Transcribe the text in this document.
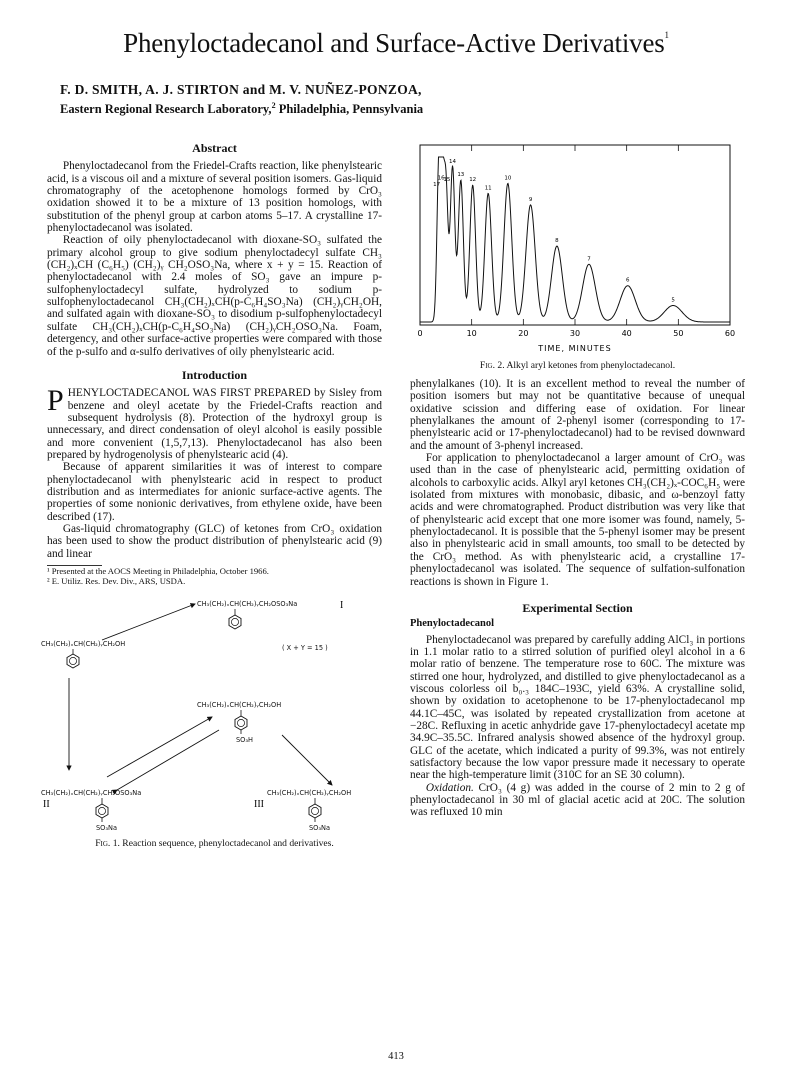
Phenyloctadecanol and Surface-Active Derivatives$^1$
F. D. SMITH, A. J. STIRTON and M. V. NUÑEZ-PONZOA,
Eastern Regional Research Laboratory,$^2$ Philadelphia, Pennsylvania
Abstract

Phenyloctadecanol from the Friedel-Crafts reaction, like phenylstearic acid, is a viscous oil and a mixture of several position isomers. Gas-liquid chromatography of the acetophenone homologs formed by CrO₃ oxidation showed it to be a mixture of 13 position homologs, with substitution of the phenyl group at carbon atoms 5–17. A crystalline 17-phenyloctadecanol was isolated.

Reaction of oily phenyloctadecanol with dioxane-SO₃ sulfated the primary alcohol group to give sodium phenyloctadecyl sulfate CH₃ (CH₂)ₓCH (C₆H₅) (CH₂)ᵧ CH₂OSO₃Na, where x + y = 15. Reaction of phenyloctadecanol with 2.4 moles of SO₃ gave an impure p-sulfophenyloctadecyl sulfate, hydrolyzed to sodium p-sulfophenyloctadecanol CH₃(CH₂)ₓCH(p-C₆H₄SO₃Na) (CH₂)ᵧCH₂OH, and sulfated again with dioxane-SO₃ to disodium p-sulfophenyloctadecyl sulfate CH₃(CH₂)ₓCH(p-C₆H₄SO₃Na) (CH₂)ᵧCH₂OSO₃Na. Foam, detergency, and other surface-active properties were compared with those of the p-sulfo and α-sulfo derivatives of oily phenylstearic acid.

Introduction

PHENYLOCTADECANOL WAS FIRST PREPARED by Sisley from benzene and oleyl acetate by the Friedel-Crafts reaction and subsequent hydrolysis (8). Protection of the hydroxyl group is unnecessary, and direct condensation of oleyl alcohol is easily possible and more convenient (1,5,7,13). Phenyloctadecanol has also been prepared by hydrogenolysis of phenylstearic acid (4).

Because of apparent similarities it was of interest to compare phenyloctadecanol with phenylstearic acid in respect to product distribution and as intermediates for anionic surface-active agents. The properties of some nonionic derivatives, from ethylene oxide, have been described (17).

Gas-liquid chromatography (GLC) of ketones from CrO₃ oxidation has been used to show the product distribution of phenylstearic acid (9) and linear

¹ Presented at the AOCS Meeting in Philadelphia, October 1966.
² E. Utiliz. Res. Dev. Div., ARS, USDA.
CH₃(CH₂)ₓCH(CH₂)ᵧCH₂OSO₃Na	I
CH₃(CH₂)ₓCH(CH₂)ᵧCH₂OH	( X + Y = 15 )
CH₃(CH₂)ₓCH(CH₂)ᵧCH₂OH
SO₃H
CH₃(CH₂)ₓCH(CH₂)ᵧCH₂OSO₃Na
II
SO₃Na
CH₃(CH₂)ₓCH(CH₂)ᵧCH₂OH
III
SO₃Na
Fig. 1. Reaction sequence, phenyloctadecanol and derivatives.
0	10	20	30	40	50	60
17
16
15
14
13
12
11
10
9
8
7
6
5
TIME, MINUTES
Fig. 2. Alkyl aryl ketones from phenyloctadecanol.

phenylalkanes (10). It is an excellent method to reveal the number of position isomers but may not be quantitative because of unequal oxidative scission and differing ease of oxidation. For linear phenylalkanes the amount of 2-phenyl isomer (corresponding to 17-phenylstearic acid or 17-phenyloctadecanol) had to be revised downward and the amount of 3-phenyl increased.

For application to phenyloctadecanol a larger amount of CrO₃ was used than in the case of phenylstearic acid, permitting oxidation of alcohols to carboxylic acids. Alkyl aryl ketones CH₃(CH₂)ₓ-COC₆H₅ were isolated from mixtures with monobasic, dibasic, and ω-benzoyl fatty acids and were chromatographed. Product distribution was very like that of phenylstearic acid except that one more isomer was found, namely, 5-phenyloctadecanol. It is possible that the 5-phenyl isomer may be present also in phenylstearic acid in small amounts, too small to be detected by the CrO₃ method. As with phenylstearic acid, a crystalline 17-phenyloctadecanol was isolated. The sequence of sulfation-sulfonation reactions is shown in Figure 1.

Experimental Section
Phenyloctadecanol

Phenyloctadecanol was prepared by carefully adding AlCl₃ in portions in 1.1 molar ratio to a stirred solution of purified oleyl alcohol in a 6 molar ratio of benzene. The temperature rose to 60C. The mixture was stirred one hour, hydrolyzed, and distilled to give phenyloctadecanol as a viscous colorless oil b₀.₃ 184C–193C, yield 63%. A crystalline solid, shown by oxidation to acetophenone to be 17-phenyloctadecanol mp 44.1C–45C, was isolated by repeated crystallization from acetone at −28C. Refluxing in acetic anhydride gave 17-phenyloctadecyl acetate mp 34.9C–35.5C. Infrared analysis showed absence of the hydroxyl group. GLC of the acetate, which indicated a purity of 99.3%, was not entirely satisfactory because the low vapor pressure made it necessary to operate near the high-temperature limit (310C for an SE 30 column).

Oxidation. CrO₃ (4 g) was added in the course of 2 min to 2 g of phenyloctadecanol in 30 ml of glacial acetic acid at 20C. The solution was refluxed 10 min

413
